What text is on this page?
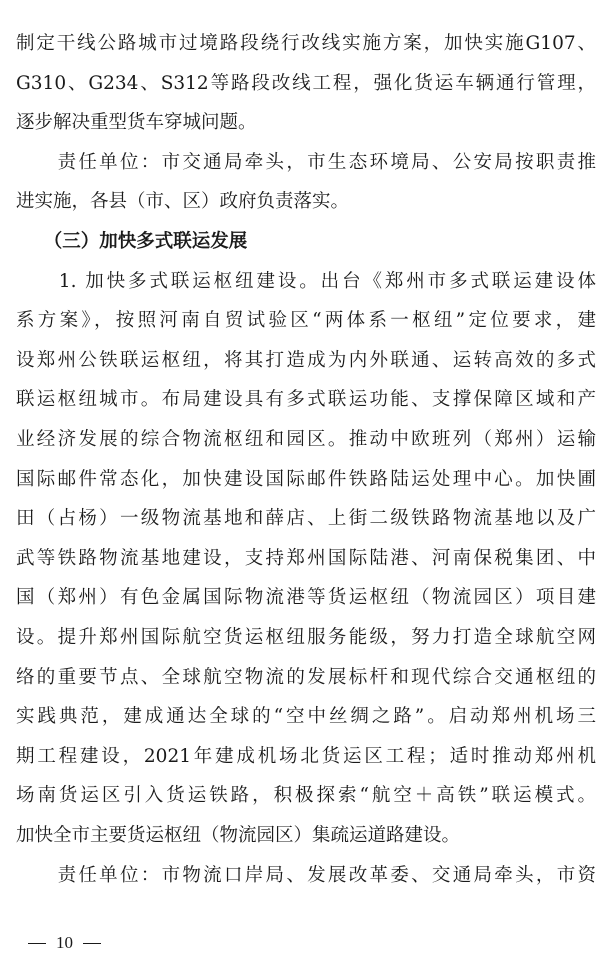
制定干线公路城市过境路段绕行改线实施方案，加快实施G107、
G310、G234、S312等路段改线工程，强化货运车辆通行管理，
逐步解决重型货车穿城问题。
　　责任单位：市交通局牵头，市生态环境局、公安局按职责推
进实施，各县（市、区）政府负责落实。
　　（三）加快多式联运发展
　　1. 加快多式联运枢纽建设。出台《郑州市多式联运建设体
系方案》，按照河南自贸试验区“两体系一枢纽”定位要求，建
设郑州公铁联运枢纽，将其打造成为内外联通、运转高效的多式
联运枢纽城市。布局建设具有多式联运功能、支撑保障区域和产
业经济发展的综合物流枢纽和园区。推动中欧班列（郑州）运输
国际邮件常态化，加快建设国际邮件铁路陆运处理中心。加快圃
田（占杨）一级物流基地和薛店、上街二级铁路物流基地以及广
武等铁路物流基地建设，支持郑州国际陆港、河南保税集团、中
国（郑州）有色金属国际物流港等货运枢纽（物流园区）项目建
设。提升郑州国际航空货运枢纽服务能级，努力打造全球航空网
络的重要节点、全球航空物流的发展标杆和现代综合交通枢纽的
实践典范，建成通达全球的“空中丝绸之路”。启动郑州机场三
期工程建设，2021年建成机场北货运区工程；适时推动郑州机
场南货运区引入货运铁路，积极探索“航空＋高铁”联运模式。
10
加快全市主要货运枢纽（物流园区）集疏运道路建设。
　　责任单位：市物流口岸局、发展改革委、交通局牵头，市资
